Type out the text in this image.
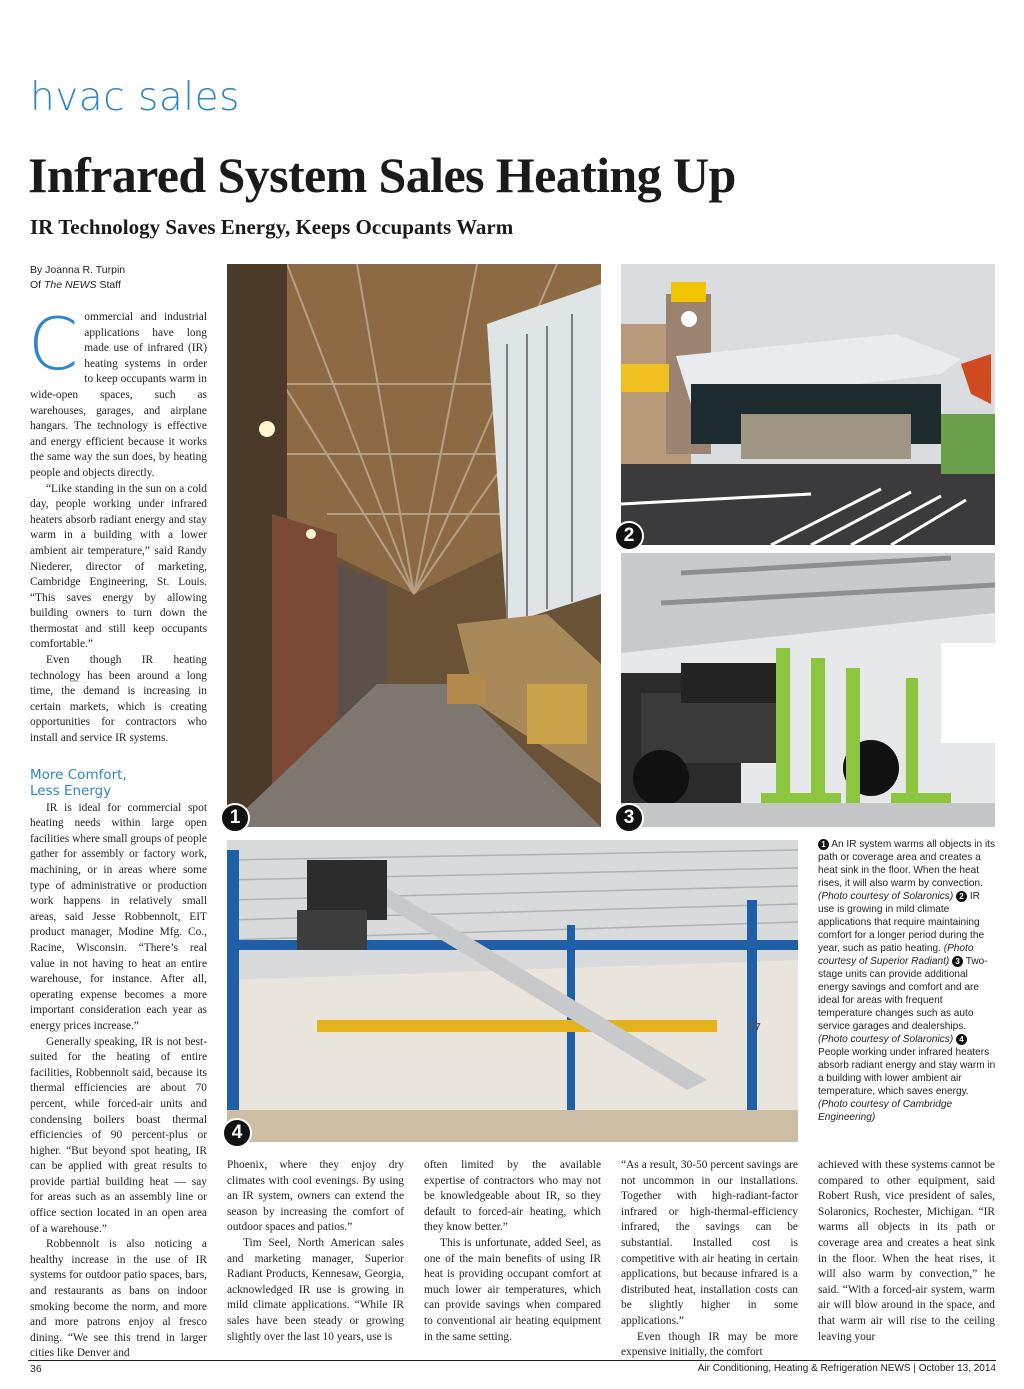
hvac sales
Infrared System Sales Heating Up
IR Technology Saves Energy, Keeps Occupants Warm
By Joanna R. Turpin
Of The NEWS Staff

Commercial and industrial applications have long made use of infrared (IR) heating systems in order to keep occupants warm in wide-open spaces, such as warehouses, garages, and airplane hangars. The technology is effective and energy efficient because it works the same way the sun does, by heating people and objects directly.

“Like standing in the sun on a cold day, people working under infrared heaters absorb radiant energy and stay warm in a building with a lower ambient air temperature,” said Randy Niederer, director of marketing, Cambridge Engineering, St. Louis. “This saves energy by allowing building owners to turn down the thermostat and still keep occupants comfortable.”

Even though IR heating technology has been around a long time, the demand is increasing in certain markets, which is creating opportunities for contractors who install and service IR systems.

More Comfort, Less Energy

IR is ideal for commercial spot heating needs within large open facilities where small groups of people gather for assembly or factory work, machining, or in areas where some type of administrative or production work happens in relatively small areas, said Jesse Robbennolt, EIT product manager, Modine Mfg. Co., Racine, Wisconsin. “There’s real value in not having to heat an entire warehouse, for instance. After all, operating expense becomes a more important consideration each year as energy prices increase.”

Generally speaking, IR is not best-suited for the heating of entire facilities, Robbennolt said, because its thermal efficiencies are about 70 percent, while forced-air units and condensing boilers boast thermal efficiencies of 90 percent-plus or higher. “But beyond spot heating, IR can be applied with great results to provide partial building heat — say for areas such as an assembly line or office section located in an open area of a warehouse.”

Robbennolt is also noticing a healthy increase in the use of IR systems for outdoor patio spaces, bars, and restaurants as bans on indoor smoking become the norm, and more and more patrons enjoy al fresco dining. “We see this trend in larger cities like Denver and

Phoenix, where they enjoy dry climates with cool evenings. By using an IR system, owners can extend the season by increasing the comfort of outdoor spaces and patios.”

Tim Seel, North American sales and marketing manager, Superior Radiant Products, Kennesaw, Georgia, acknowledged IR use is growing in mild climate applications. “While IR sales have been steady or growing slightly over the last 10 years, use is

often limited by the available expertise of contractors who may not be knowledgeable about IR, so they default to forced-air heating, which they know better.”

This is unfortunate, added Seel, as one of the main benefits of using IR heat is providing occupant comfort at much lower air temperatures, which can provide savings when compared to conventional air heating equipment in the same setting.

“As a result, 30-50 percent savings are not uncommon in our installations. Together with high-radiant-factor infrared or high-thermal-efficiency infrared, the savings can be substantial. Installed cost is competitive with air heating in certain applications, but because infrared is a distributed heat, installation costs can be slightly higher in some applications.”

Even though IR may be more expensive initially, the comfort

achieved with these systems cannot be compared to other equipment, said Robert Rush, vice president of sales, Solaronics, Rochester, Michigan. “IR warms all objects in its path or coverage area and creates a heat sink in the floor. When the heat rises, it will also warm by convection,” he said. “With a forced-air system, warm air will blow around in the space, and that warm air will rise to the ceiling leaving your

1
2
3
F7
4
1 An IR system warms all objects in its path or coverage area and creates a heat sink in the floor. When the heat rises, it will also warm by convection. (Photo courtesy of Solaronics) 2 IR use is growing in mild climate applications that require maintaining comfort for a longer period during the year, such as patio heating. (Photo courtesy of Superior Radiant) 3 Two-stage units can provide additional energy savings and comfort and are ideal for areas with frequent temperature changes such as auto service garages and dealerships. (Photo courtesy of Solaronics) 4 People working under infrared heaters absorb radiant energy and stay warm in a building with lower ambient air temperature, which saves energy. (Photo courtesy of Cambridge Engineering)
36	Air Conditioning, Heating & Refrigeration NEWS | October 13, 2014
